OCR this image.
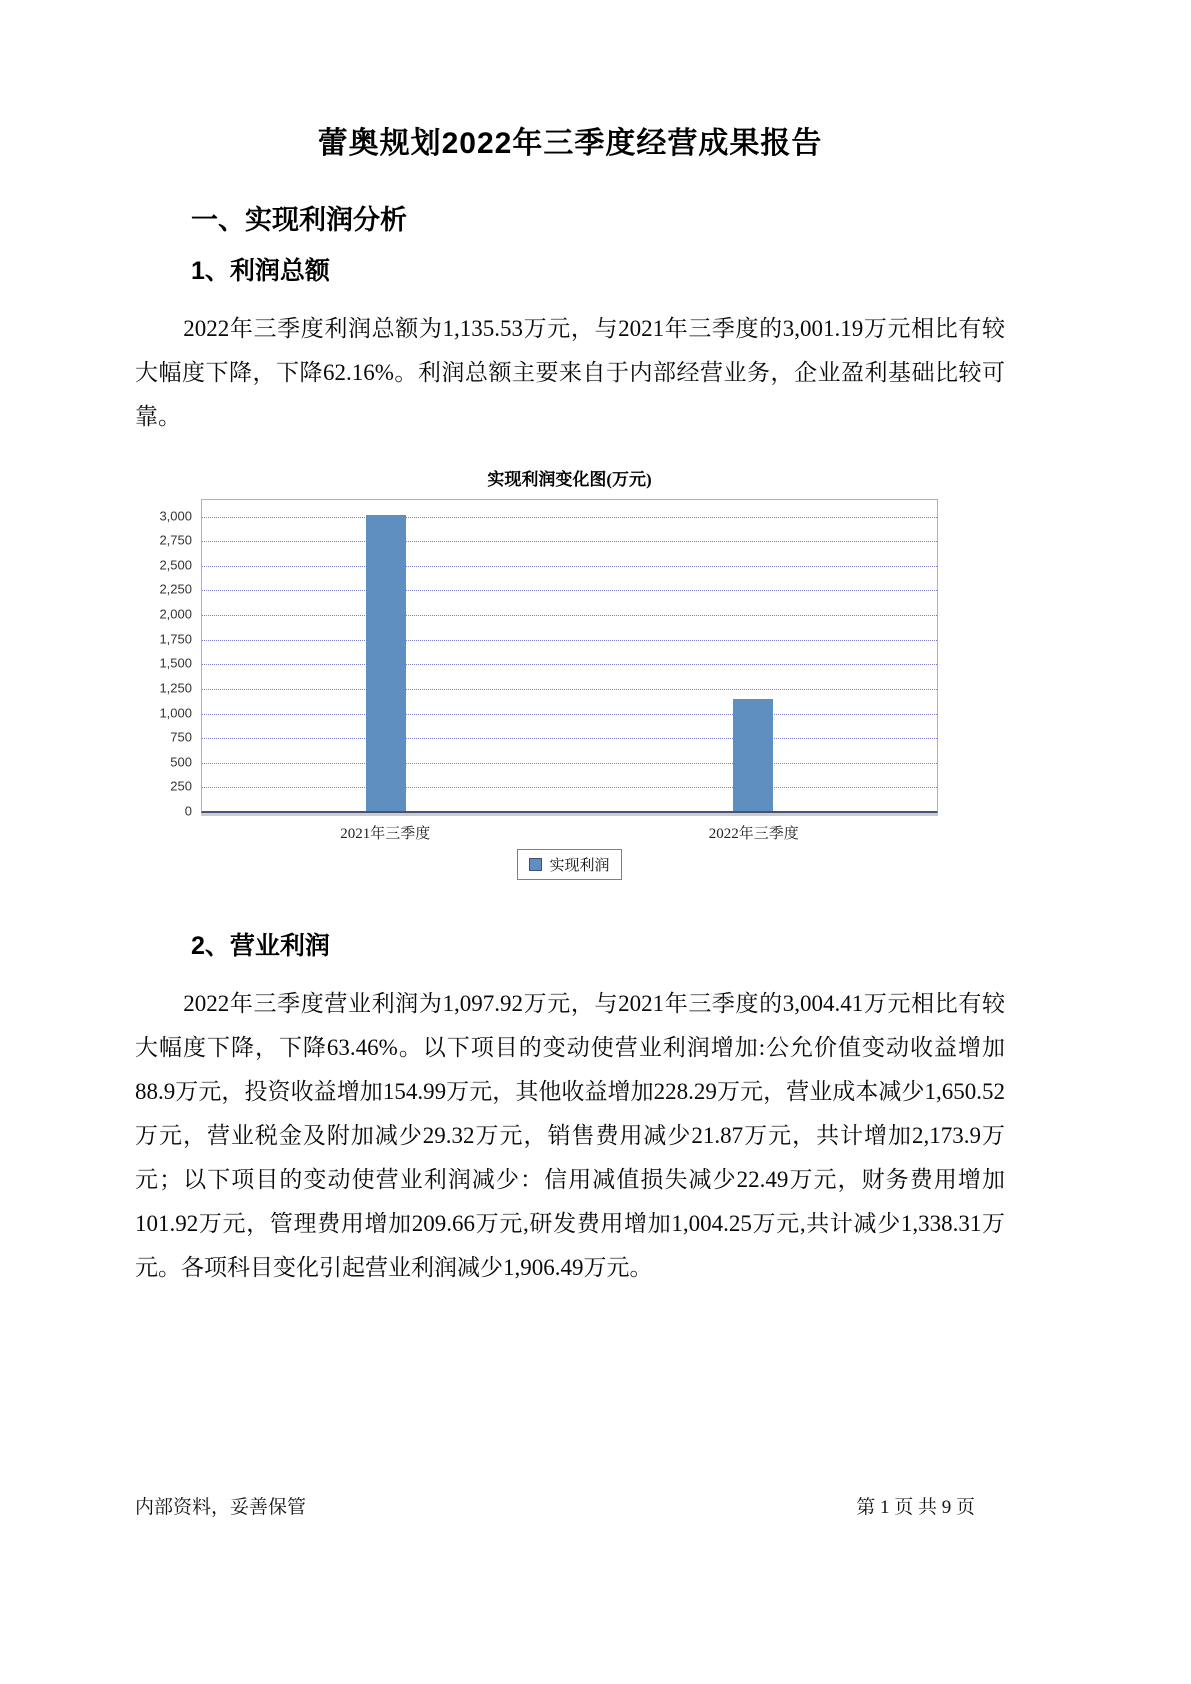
蕾奥规划2022年三季度经营成果报告
一、实现利润分析
1、利润总额

2022年三季度利润总额为1,135.53万元，与2021年三季度的3,001.19万元相比有较大幅度下降，下降62.16%。利润总额主要来自于内部经营业务，企业盈利基础比较可靠。

实现利润变化图(万元)
3,000
2,750
2,500
2,250
2,000
1,750
1,500
1,250
1,000
750
500
250
0
2021年三季度	2022年三季度
实现利润
2、营业利润

2022年三季度营业利润为1,097.92万元，与2021年三季度的3,004.41万元相比有较大幅度下降，下降63.46%。以下项目的变动使营业利润增加:公允价值变动收益增加88.9万元，投资收益增加154.99万元，其他收益增加228.29万元，营业成本减少1,650.52万元，营业税金及附加减少29.32万元，销售费用减少21.87万元，共计增加2,173.9万元；以下项目的变动使营业利润减少：信用减值损失减少22.49万元，财务费用增加101.92万元，管理费用增加209.66万元,研发费用增加1,004.25万元,共计减少1,338.31万元。各项科目变化引起营业利润减少1,906.49万元。

内部资料，妥善保管	第 1 页 共 9 页
